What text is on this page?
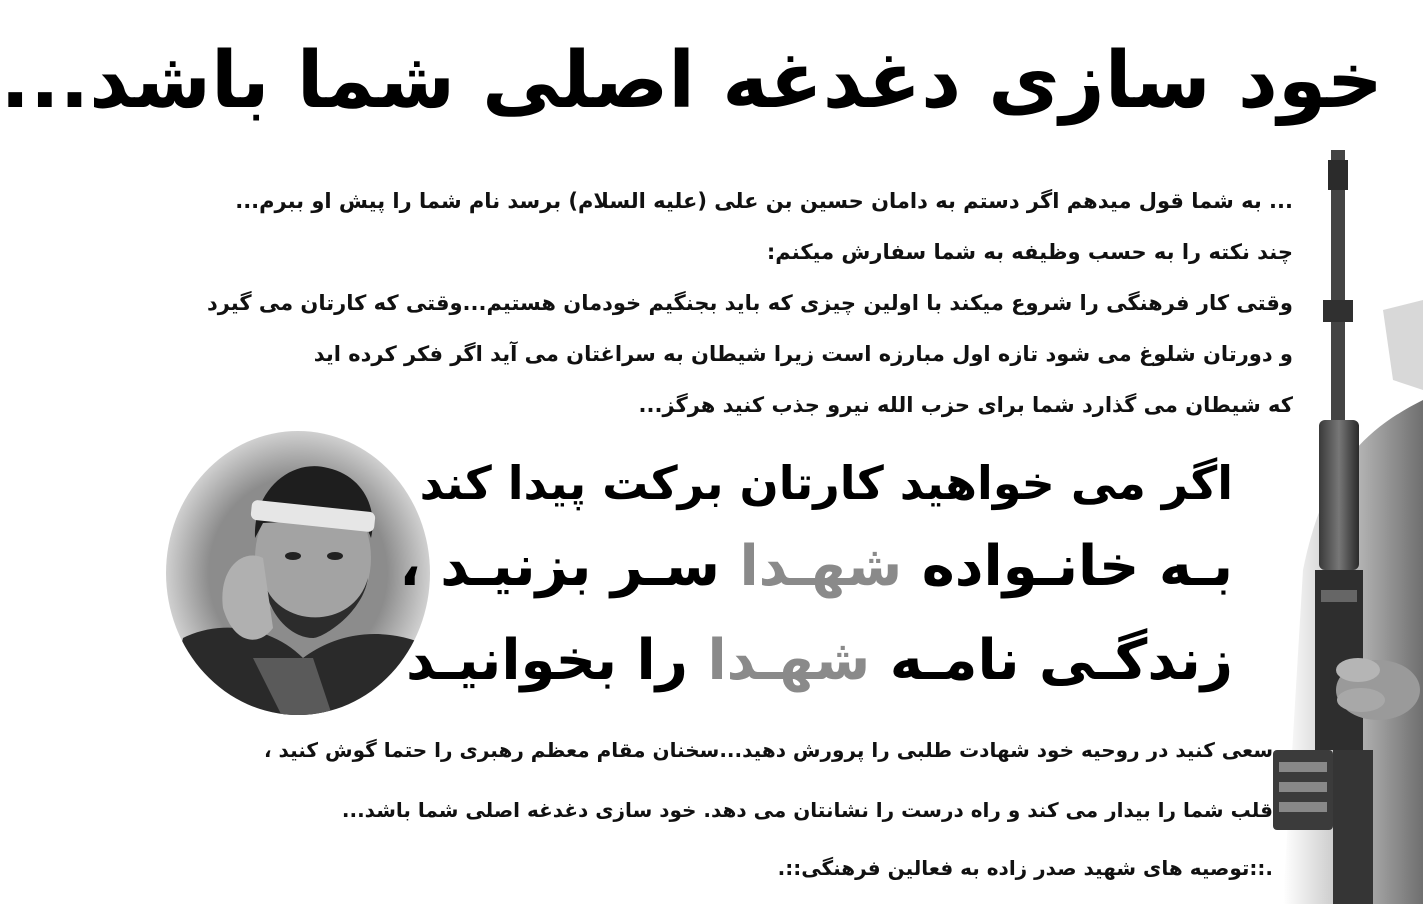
خود سازی دغدغه اصلی شما باشد...
... به شما قول میدهم اگر دستم به دامان حسین بن علی (علیه السلام) برسد نام شما را پیش او ببرم...
چند نکته را به حسب وظیفه به شما سفارش میکنم:
وقتی کار فرهنگی را شروع میکند با اولین چیزی که باید بجنگیم خودمان هستیم...وقتی که کارتان می گیرد
و دورتان شلوغ می شود تازه اول مبارزه است زیرا شیطان به سراغتان می آید اگر فکر کرده اید
که شیطان می گذارد شما برای حزب الله نیرو جذب کنید هرگز...
اگر می خواهید کارتان برکت پیدا کند
بـه خانـواده شهـدا سـر بزنیـد ،
زندگـی نامـه شهـدا را بخوانیـد
سعی کنید در روحیه خود شهادت طلبی را پرورش دهید...سخنان مقام معظم رهبری را حتما گوش کنید ،
قلب شما را بیدار می کند و راه درست را نشانتان می دهد. خود سازی دغدغه اصلی شما باشد...
.::توصیه های شهید صدر زاده به فعالین فرهنگی::.
